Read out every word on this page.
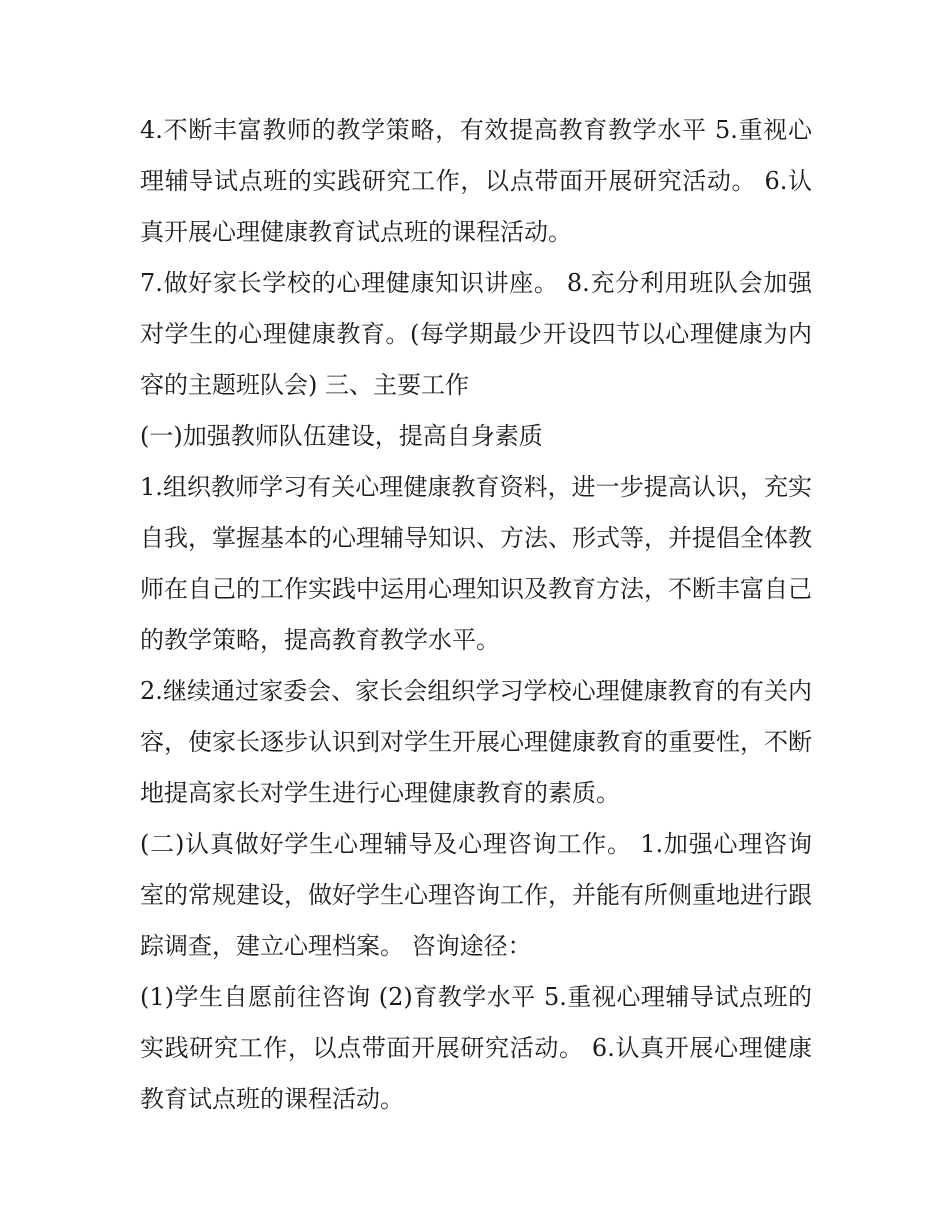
4.不断丰富教师的教学策略，有效提高教育教学水平 5.重视心理辅导试点班的实践研究工作，以点带面开展研究活动。 6.认真开展心理健康教育试点班的课程活动。

7.做好家长学校的心理健康知识讲座。 8.充分利用班队会加强对学生的心理健康教育。(每学期最少开设四节以心理健康为内容的主题班队会) 三、主要工作

(一)加强教师队伍建设，提高自身素质

1.组织教师学习有关心理健康教育资料，进一步提高认识，充实自我，掌握基本的心理辅导知识、方法、形式等，并提倡全体教师在自己的工作实践中运用心理知识及教育方法，不断丰富自己的教学策略，提高教育教学水平。

2.继续通过家委会、家长会组织学习学校心理健康教育的有关内容，使家长逐步认识到对学生开展心理健康教育的重要性，不断地提高家长对学生进行心理健康教育的素质。

(二)认真做好学生心理辅导及心理咨询工作。 1.加强心理咨询室的常规建设，做好学生心理咨询工作，并能有所侧重地进行跟踪调查，建立心理档案。 咨询途径：

(1)学生自愿前往咨询 (2)育教学水平 5.重视心理辅导试点班的实践研究工作，以点带面开展研究活动。 6.认真开展心理健康教育试点班的课程活动。
